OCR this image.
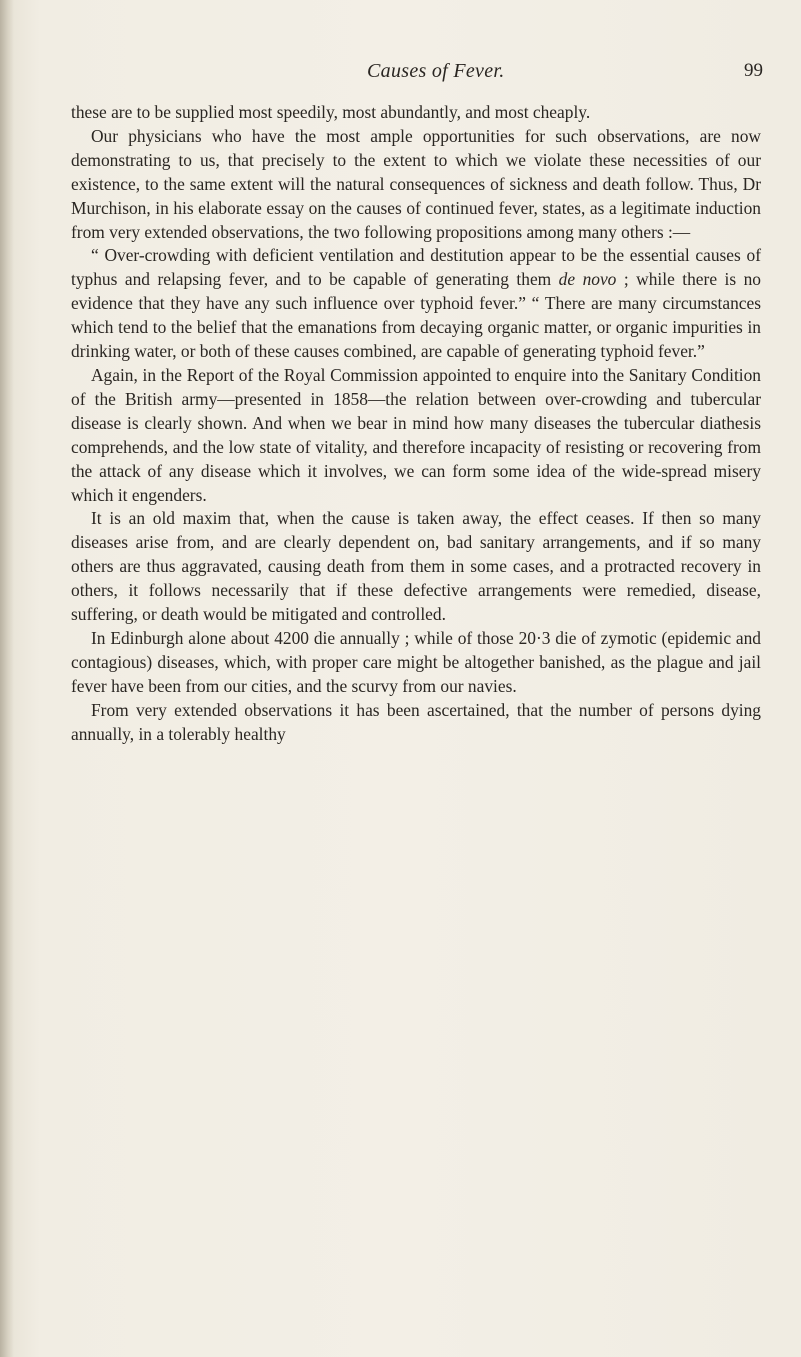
Causes of Fever.	99

these are to be supplied most speedily, most abundantly, and most cheaply.

Our physicians who have the most ample opportunities for such observations, are now demonstrating to us, that precisely to the extent to which we violate these necessities of our existence, to the same extent will the natural consequences of sickness and death follow. Thus, Dr Murchison, in his elaborate essay on the causes of continued fever, states, as a legitimate induction from very extended observations, the two following propositions among many others :—

“ Over-crowding with deficient ventilation and destitution appear to be the essential causes of typhus and relapsing fever, and to be capable of generating them de novo ; while there is no evidence that they have any such influence over typhoid fever.” “ There are many circumstances which tend to the belief that the emanations from decaying organic matter, or organic impurities in drinking water, or both of these causes combined, are capable of generating typhoid fever.”

Again, in the Report of the Royal Commission appointed to enquire into the Sanitary Condition of the British army—presented in 1858—the relation between over-crowding and tubercular disease is clearly shown. And when we bear in mind how many diseases the tubercular diathesis comprehends, and the low state of vitality, and therefore incapacity of resisting or recovering from the attack of any disease which it involves, we can form some idea of the wide-spread misery which it engenders.

It is an old maxim that, when the cause is taken away, the effect ceases. If then so many diseases arise from, and are clearly dependent on, bad sanitary arrangements, and if so many others are thus aggravated, causing death from them in some cases, and a protracted recovery in others, it follows necessarily that if these defective arrangements were remedied, disease, suffering, or death would be mitigated and controlled.

In Edinburgh alone about 4200 die annually ; while of those 20·3 die of zymotic (epidemic and contagious) diseases, which, with proper care might be altogether banished, as the plague and jail fever have been from our cities, and the scurvy from our navies.

From very extended observations it has been ascertained, that the number of persons dying annually, in a tolerably healthy
